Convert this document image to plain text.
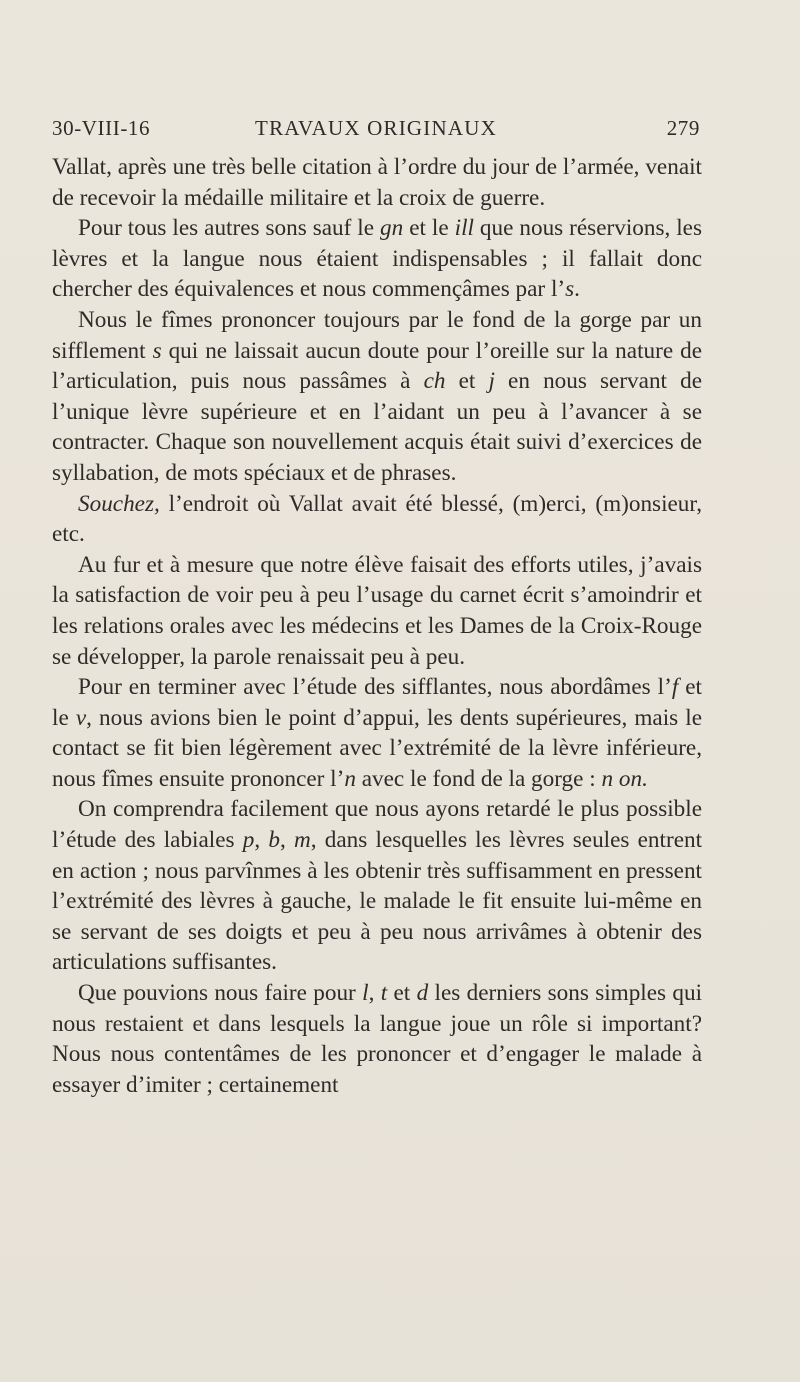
30-VIII-16	TRAVAUX ORIGINAUX	279

Vallat, après une très belle citation à l’ordre du jour de l’armée, venait de recevoir la médaille militaire et la croix de guerre.

Pour tous les autres sons sauf le gn et le ill que nous réservions, les lèvres et la langue nous étaient indispensables ; il fallait donc chercher des équivalences et nous commençâmes par l’s.

Nous le fîmes prononcer toujours par le fond de la gorge par un sifflement s qui ne laissait aucun doute pour l’oreille sur la nature de l’articulation, puis nous passâmes à ch et j en nous servant de l’unique lèvre supérieure et en l’aidant un peu à l’avancer à se contracter. Chaque son nouvellement acquis était suivi d’exercices de syllabation, de mots spéciaux et de phrases.

Souchez, l’endroit où Vallat avait été blessé, (m)erci, (m)onsieur, etc.

Au fur et à mesure que notre élève faisait des efforts utiles, j’avais la satisfaction de voir peu à peu l’usage du carnet écrit s’amoindrir et les relations orales avec les médecins et les Dames de la Croix-Rouge se développer, la parole renaissait peu à peu.

Pour en terminer avec l’étude des sifflantes, nous abordâmes l’f et le v, nous avions bien le point d’appui, les dents supérieures, mais le contact se fit bien légèrement avec l’extrémité de la lèvre inférieure, nous fîmes ensuite prononcer l’n avec le fond de la gorge : n on.

On comprendra facilement que nous ayons retardé le plus possible l’étude des labiales p, b, m, dans lesquelles les lèvres seules entrent en action ; nous parvînmes à les obtenir très suffisamment en pressent l’extrémité des lèvres à gauche, le malade le fit ensuite lui-même en se servant de ses doigts et peu à peu nous arrivâmes à obtenir des articulations suffisantes.

Que pouvions nous faire pour l, t et d les derniers sons simples qui nous restaient et dans lesquels la langue joue un rôle si important? Nous nous contentâmes de les prononcer et d’engager le malade à essayer d’imiter ; certainement
